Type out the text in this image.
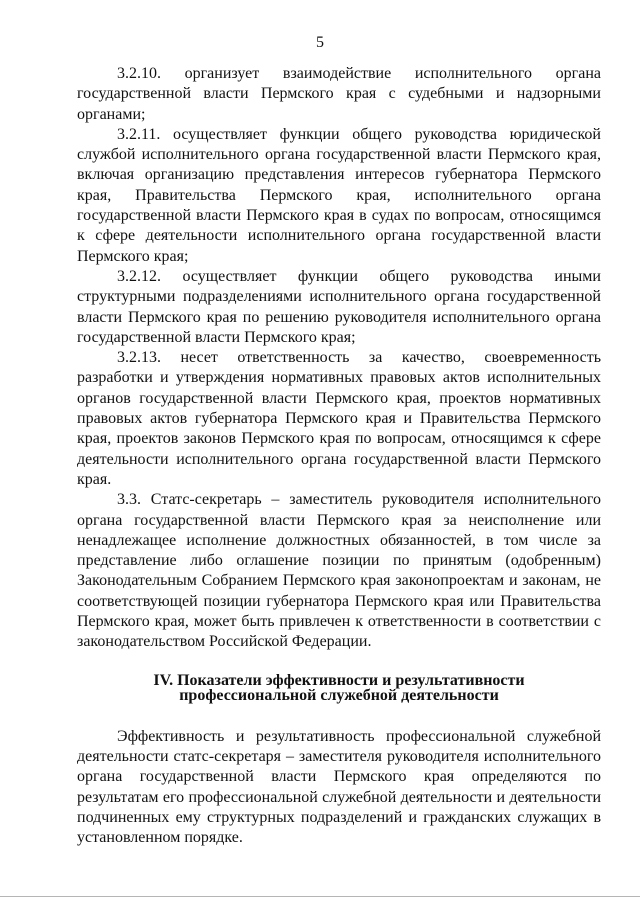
5

3.2.10. организует взаимодействие исполнительного органа государственной власти Пермского края с судебными и надзорными органами;

3.2.11. осуществляет функции общего руководства юридической службой исполнительного органа государственной власти Пермского края, включая организацию представления интересов губернатора Пермского края, Правительства Пермского края, исполнительного органа государственной власти Пермского края в судах по вопросам, относящимся к сфере деятельности исполнительного органа государственной власти Пермского края;

3.2.12. осуществляет функции общего руководства иными структурными подразделениями исполнительного органа государственной власти Пермского края по решению руководителя исполнительного органа государственной власти Пермского края;

3.2.13. несет ответственность за качество, своевременность разработки и утверждения нормативных правовых актов исполнительных органов государственной власти Пермского края, проектов нормативных правовых актов губернатора Пермского края и Правительства Пермского края, проектов законов Пермского края по вопросам, относящимся к сфере деятельности исполнительного органа государственной власти Пермского края.

3.3. Статс-секретарь – заместитель руководителя исполнительного органа государственной власти Пермского края за неисполнение или ненадлежащее исполнение должностных обязанностей, в том числе за представление либо оглашение позиции по принятым (одобренным) Законодательным Собранием Пермского края законопроектам и законам, не соответствующей позиции губернатора Пермского края или Правительства Пермского края, может быть привлечен к ответственности в соответствии с законодательством Российской Федерации.

IV. Показатели эффективности и результативности
профессиональной служебной деятельности

Эффективность и результативность профессиональной служебной деятельности статс-секретаря – заместителя руководителя исполнительного органа государственной власти Пермского края определяются по результатам его профессиональной служебной деятельности и деятельности подчиненных ему структурных подразделений и гражданских служащих в установленном порядке.
